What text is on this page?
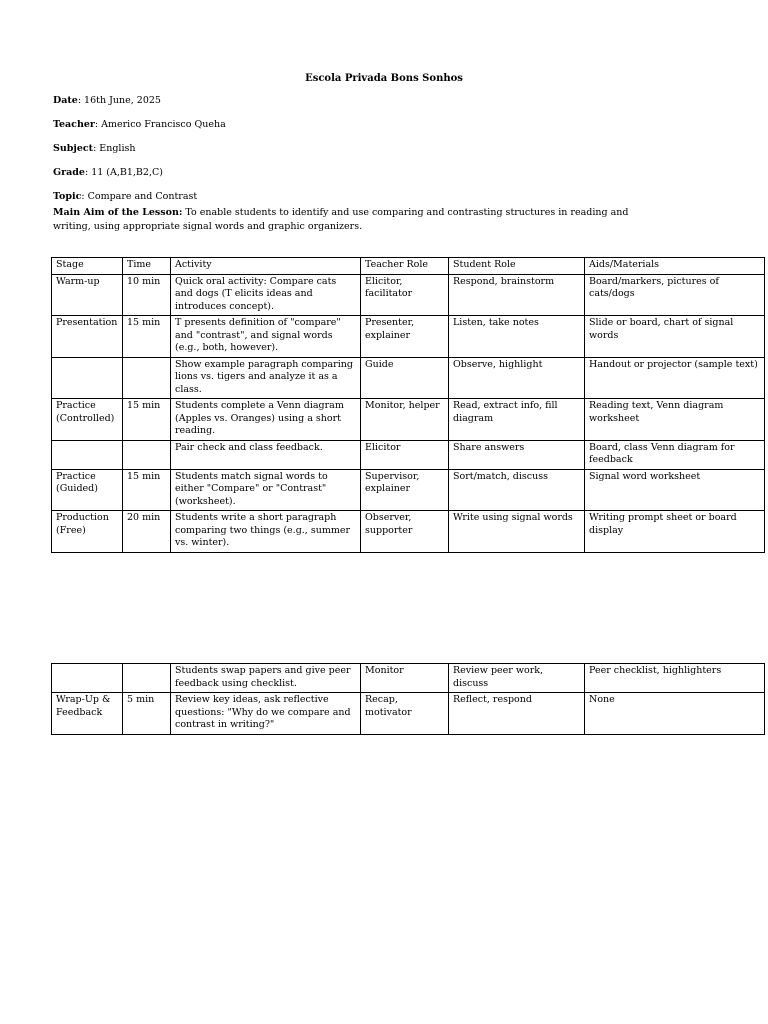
Escola Privada Bons Sonhos
Date: 16th June, 2025
Teacher: Americo Francisco Queha
Subject: English
Grade: 11 (A,B1,B2,C)
Topic: Compare and Contrast
Main Aim of the Lesson: To enable students to identify and use comparing and contrasting structures in reading and writing, using appropriate signal words and graphic organizers.
Stage	Time	Activity	Teacher Role	Student Role	Aids/Materials
Warm-up	10 min	Quick oral activity: Compare cats and dogs (T elicits ideas and introduces concept).	Elicitor, facilitator	Respond, brainstorm	Board/markers, pictures of cats/dogs
Presentation	15 min	T presents definition of "compare" and "contrast", and signal words (e.g., both, however).	Presenter, explainer	Listen, take notes	Slide or board, chart of signal words
		Show example paragraph comparing lions vs. tigers and analyze it as a class.	Guide	Observe, highlight	Handout or projector (sample text)
Practice (Controlled)	15 min	Students complete a Venn diagram (Apples vs. Oranges) using a short reading.	Monitor, helper	Read, extract info, fill diagram	Reading text, Venn diagram worksheet
		Pair check and class feedback.	Elicitor	Share answers	Board, class Venn diagram for feedback
Practice (Guided)	15 min	Students match signal words to either "Compare" or "Contrast" (worksheet).	Supervisor, explainer	Sort/match, discuss	Signal word worksheet
Production (Free)	20 min	Students write a short paragraph comparing two things (e.g., summer vs. winter).	Observer, supporter	Write using signal words	Writing prompt sheet or board display
		Students swap papers and give peer feedback using checklist.	Monitor	Review peer work, discuss	Peer checklist, highlighters
Wrap-Up & Feedback	5 min	Review key ideas, ask reflective questions: "Why do we compare and contrast in writing?"	Recap, motivator	Reflect, respond	None
